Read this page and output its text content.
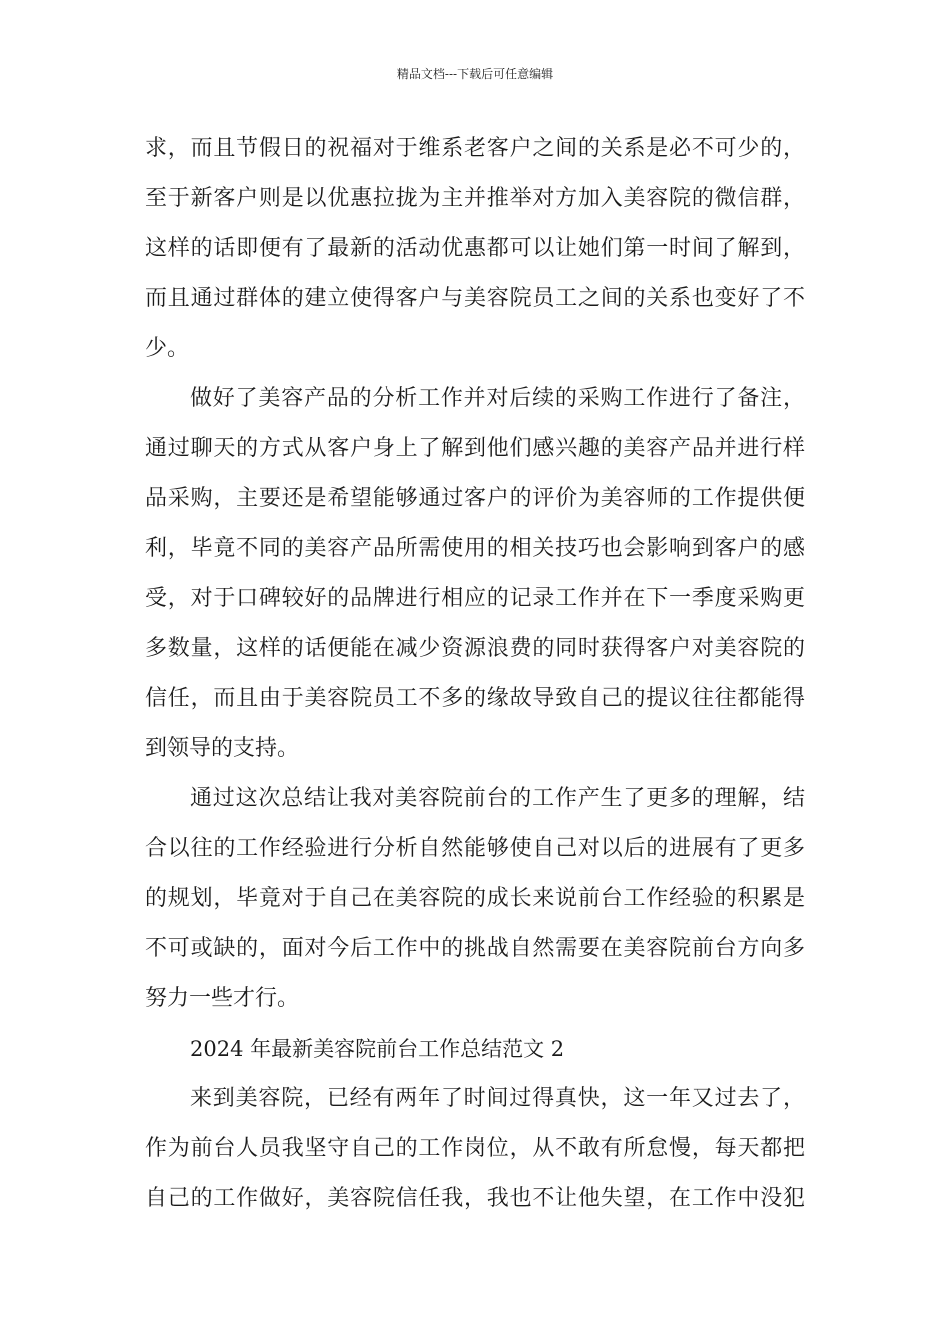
精品文档---下载后可任意编辑
求，而且节假日的祝福对于维系老客户之间的关系是必不可少的，
至于新客户则是以优惠拉拢为主并推举对方加入美容院的微信群，
这样的话即便有了最新的活动优惠都可以让她们第一时间了解到，
而且通过群体的建立使得客户与美容院员工之间的关系也变好了不
少。
做好了美容产品的分析工作并对后续的采购工作进行了备注，
通过聊天的方式从客户身上了解到他们感兴趣的美容产品并进行样
品采购，主要还是希望能够通过客户的评价为美容师的工作提供便
利，毕竟不同的美容产品所需使用的相关技巧也会影响到客户的感
受，对于口碑较好的品牌进行相应的记录工作并在下一季度采购更
多数量，这样的话便能在减少资源浪费的同时获得客户对美容院的
信任，而且由于美容院员工不多的缘故导致自己的提议往往都能得
到领导的支持。
通过这次总结让我对美容院前台的工作产生了更多的理解，结
合以往的工作经验进行分析自然能够使自己对以后的进展有了更多
的规划，毕竟对于自己在美容院的成长来说前台工作经验的积累是
不可或缺的，面对今后工作中的挑战自然需要在美容院前台方向多
努力一些才行。
2024 年最新美容院前台工作总结范文 2
来到美容院，已经有两年了时间过得真快，这一年又过去了，
作为前台人员我坚守自己的工作岗位，从不敢有所怠慢，每天都把
自己的工作做好，美容院信任我，我也不让他失望，在工作中没犯
